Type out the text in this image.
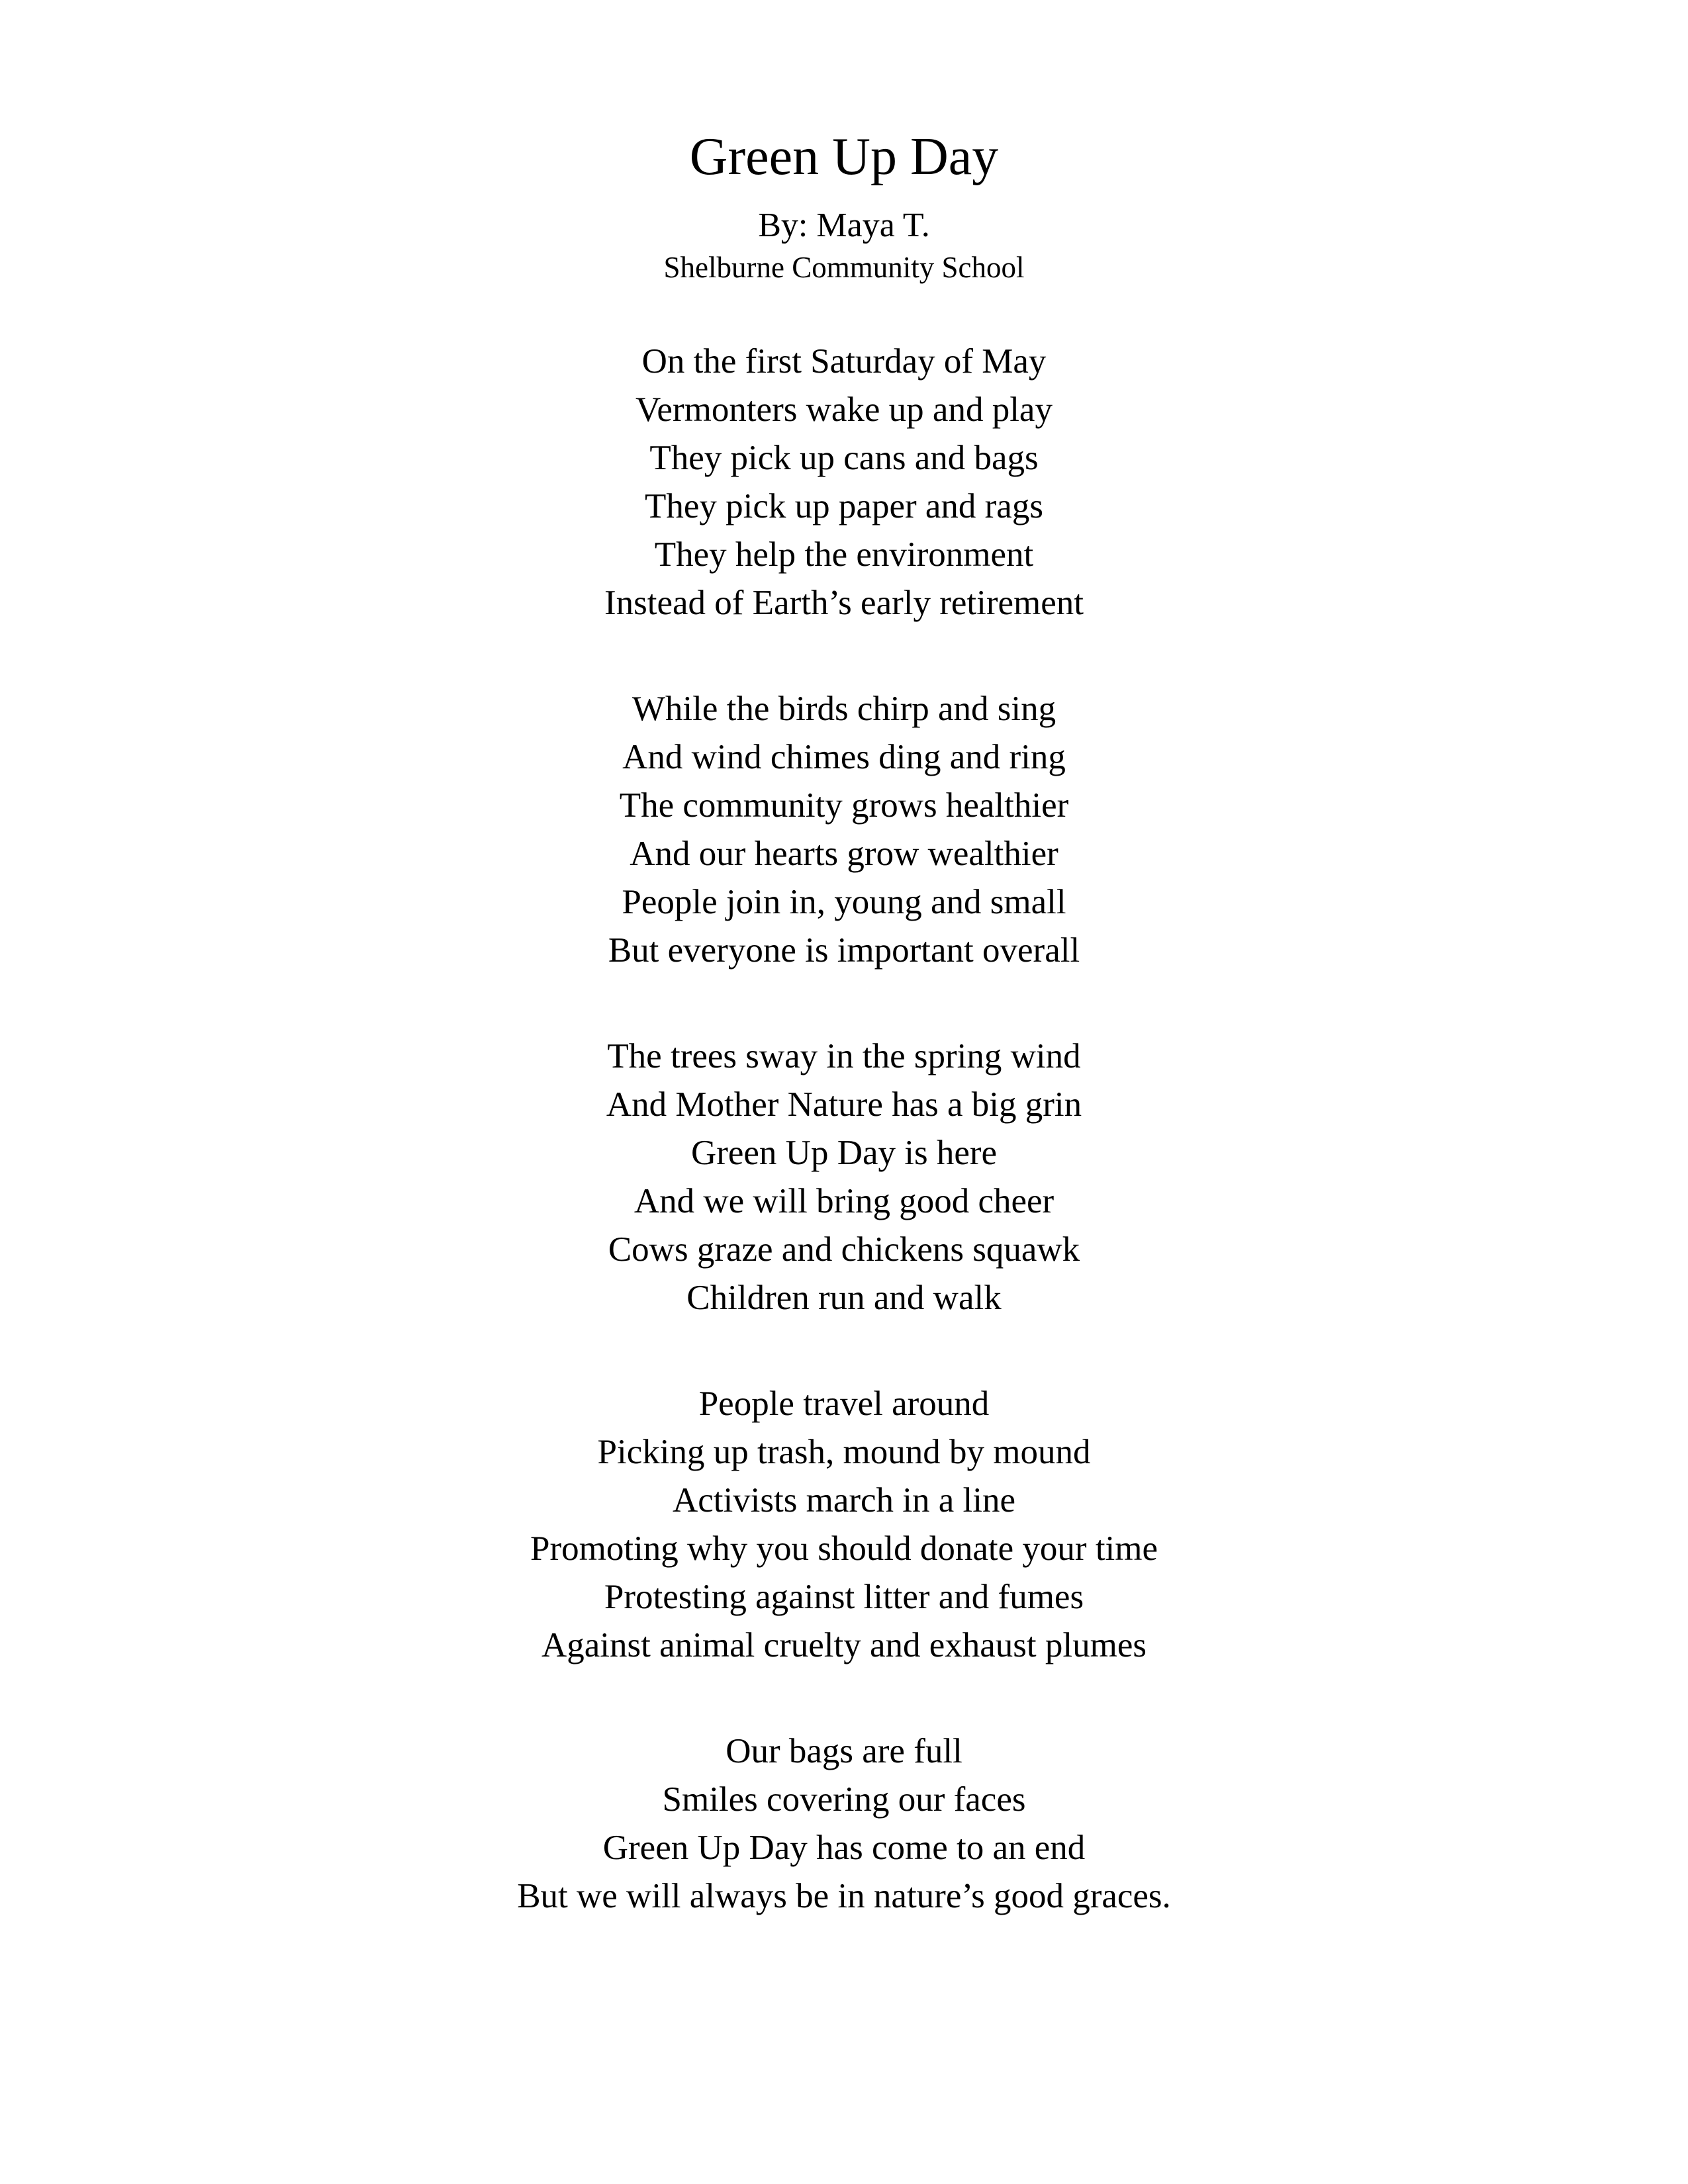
Green Up Day
By: Maya T.
Shelburne Community School
On the first Saturday of May
Vermonters wake up and play
They pick up cans and bags
They pick up paper and rags
They help the environment
Instead of Earth’s early retirement
While the birds chirp and sing
And wind chimes ding and ring
The community grows healthier
And our hearts grow wealthier
People join in, young and small
But everyone is important overall
The trees sway in the spring wind
And Mother Nature has a big grin
Green Up Day is here
And we will bring good cheer
Cows graze and chickens squawk
Children run and walk
People travel around
Picking up trash, mound by mound
Activists march in a line
Promoting why you should donate your time
Protesting against litter and fumes
Against animal cruelty and exhaust plumes
Our bags are full
Smiles covering our faces
Green Up Day has come to an end
But we will always be in nature’s good graces.
